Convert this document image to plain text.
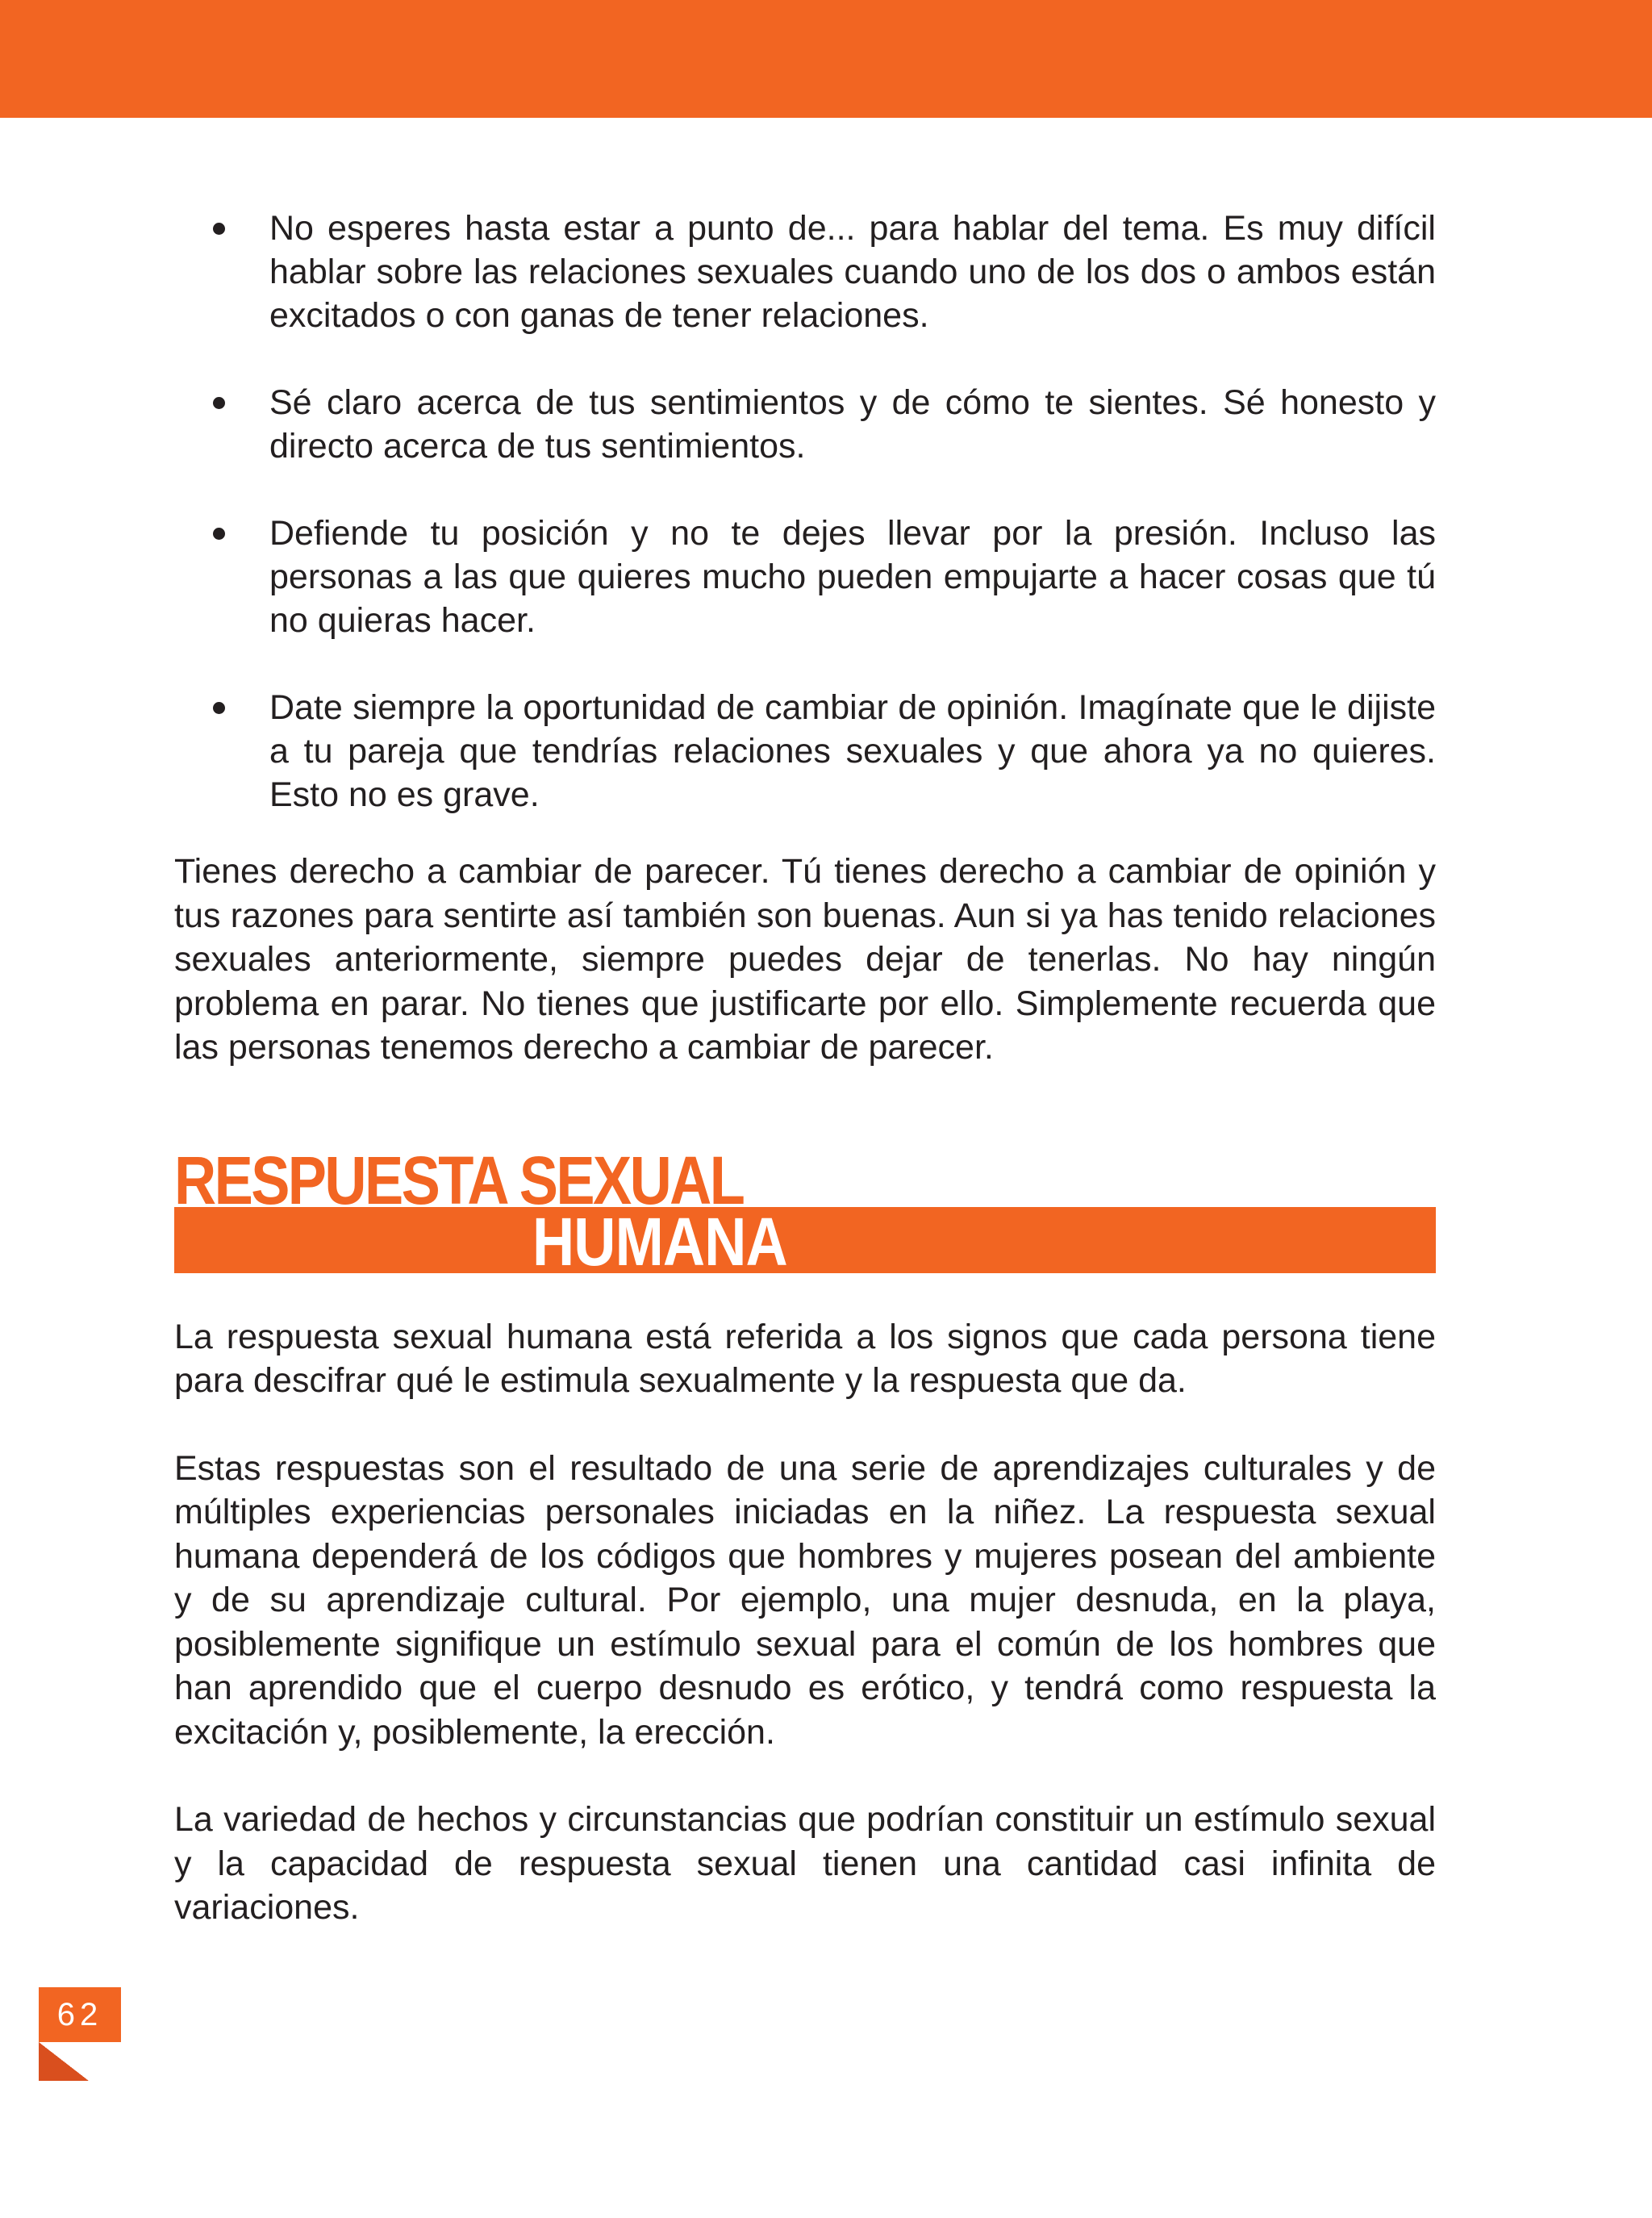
No esperes hasta estar a punto de... para hablar del tema. Es muy difícil hablar sobre las relaciones sexuales cuando uno de los dos o ambos están excitados o con ganas de tener relaciones.
Sé claro acerca de tus sentimientos y de cómo te sientes. Sé honesto y directo acerca de tus sentimientos.
Defiende tu posición y no te dejes llevar por la presión. Incluso las personas a las que quieres mucho pueden empujarte a hacer cosas que tú no quieras hacer.
Date siempre la oportunidad de cambiar de opinión. Imagínate que le dijiste a tu pareja que tendrías relaciones sexuales y que ahora ya no quieres. Esto no es grave.

Tienes derecho a cambiar de parecer. Tú tienes derecho a cambiar de opinión y tus razones para sentirte así también son buenas. Aun si ya has tenido relaciones sexuales anteriormente, siempre puedes dejar de tenerlas. No hay ningún problema en parar. No tienes que justificarte por ello. Simplemente recuerda que las personas tenemos derecho a cambiar de parecer.

RESPUESTA SEXUAL
HUMANA

La respuesta sexual humana está referida a los signos que cada persona tiene para descifrar qué le estimula sexualmente y la respuesta que da.

Estas respuestas son el resultado de una serie de aprendizajes culturales y de múltiples experiencias personales iniciadas en la niñez. La respuesta sexual humana dependerá de los códigos que hombres y mujeres posean del ambiente y de su aprendizaje cultural. Por ejemplo, una mujer desnuda, en la playa, posiblemente signifique un estímulo sexual para el común de los hombres que han aprendido que el cuerpo desnudo es erótico, y tendrá como respuesta la excitación y, posiblemente, la erección.

La variedad de hechos y circunstancias que podrían constituir un estímulo sexual y la capacidad de respuesta sexual tienen una cantidad casi infinita de variaciones.

62
